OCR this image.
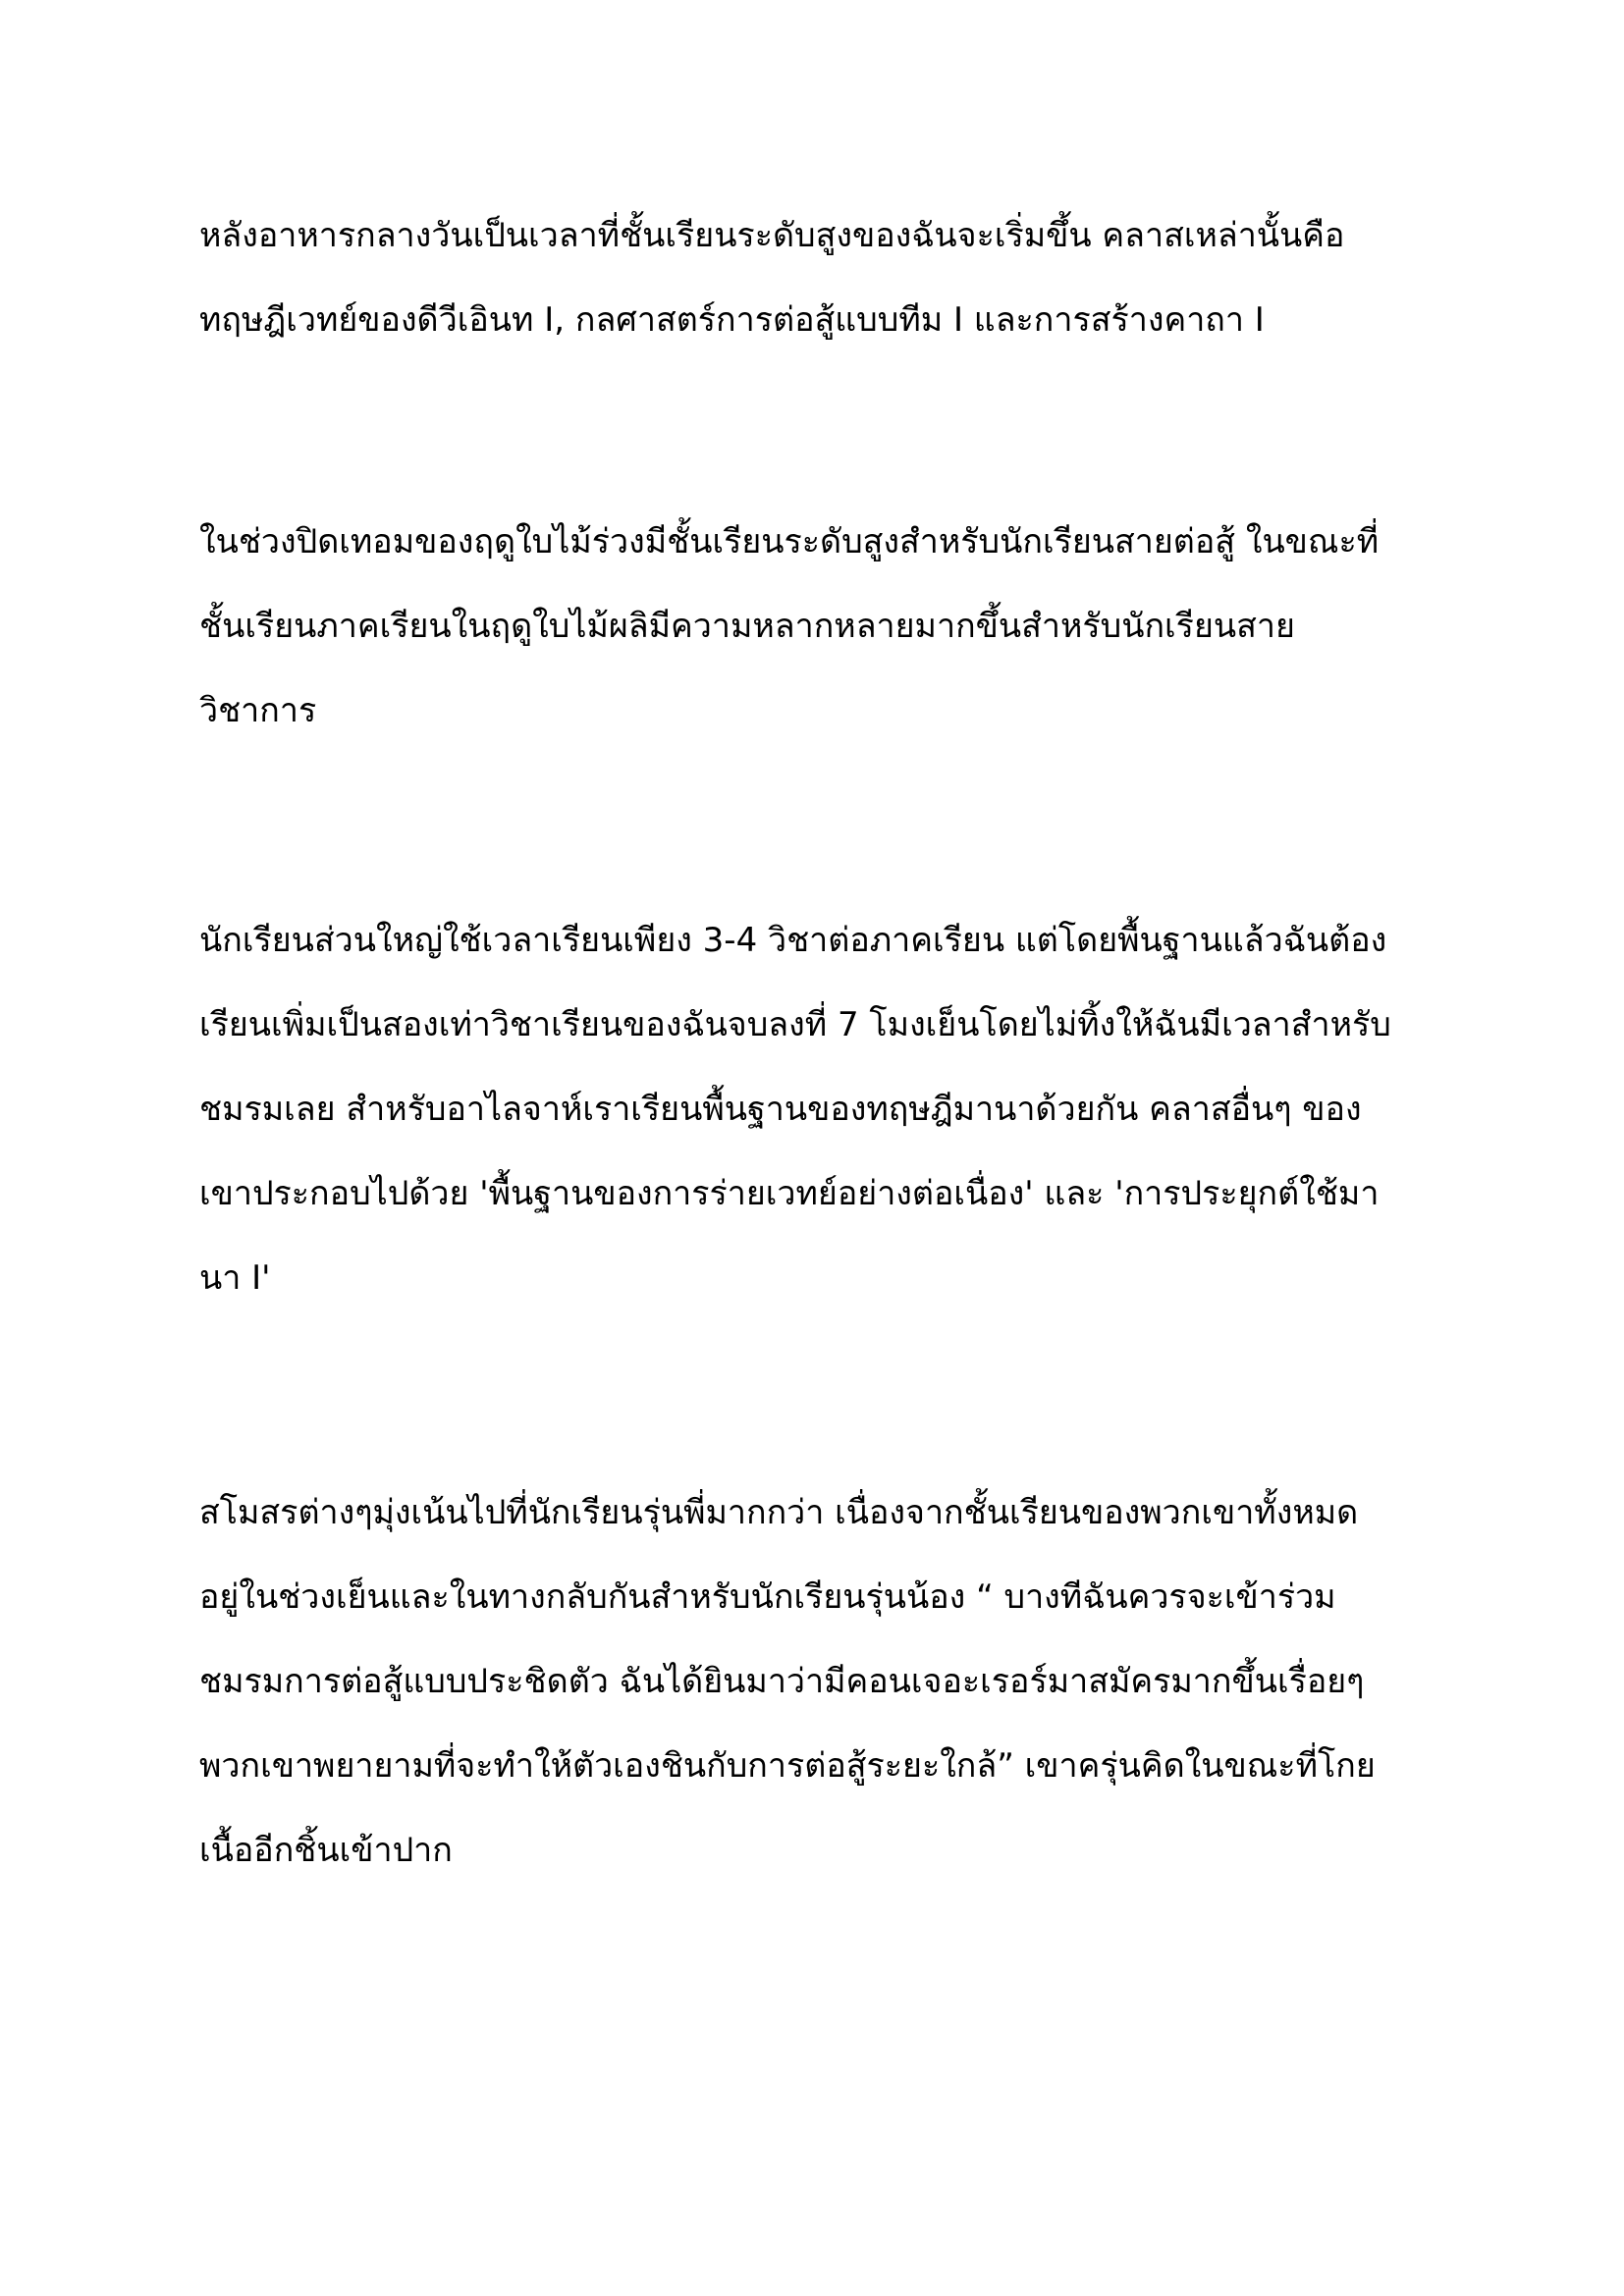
หลังอาหารกลางวันเป็นเวลาที่ชั้นเรียนระดับสูงของฉันจะเริ่มขึ้น คลาสเหล่านั้นคือ
ทฤษฎีเวทย์ของดีวีเอินท I, กลศาสตร์การต่อสู้แบบทีม I และการสร้างคาถา I
ในช่วงปิดเทอมของฤดูใบไม้ร่วงมีชั้นเรียนระดับสูงสำหรับนักเรียนสายต่อสู้ ในขณะที่
ชั้นเรียนภาคเรียนในฤดูใบไม้ผลิมีความหลากหลายมากขึ้นสำหรับนักเรียนสาย
วิชาการ
นักเรียนส่วนใหญ่ใช้เวลาเรียนเพียง 3-4 วิชาต่อภาคเรียน แต่โดยพื้นฐานแล้วฉันต้อง
เรียนเพิ่มเป็นสองเท่าวิชาเรียนของฉันจบลงที่ 7 โมงเย็นโดยไม่ทิ้งให้ฉันมีเวลาสำหรับ
ชมรมเลย สำหรับอาไลจาห์เราเรียนพื้นฐานของทฤษฎีมานาด้วยกัน คลาสอื่นๆ ของ
เขาประกอบไปด้วย 'พื้นฐานของการร่ายเวทย์อย่างต่อเนื่อง' และ 'การประยุกต์ใช้มา
นา I'
สโมสรต่างๆมุ่งเน้นไปที่นักเรียนรุ่นพี่มากกว่า เนื่องจากชั้นเรียนของพวกเขาทั้งหมด
อยู่ในช่วงเย็นและในทางกลับกันสำหรับนักเรียนรุ่นน้อง “ บางทีฉันควรจะเข้าร่วม
ชมรมการต่อสู้แบบประชิดตัว ฉันได้ยินมาว่ามีคอนเจอะเรอร์มาสมัครมากขึ้นเรื่อยๆ
พวกเขาพยายามที่จะทำให้ตัวเองชินกับการต่อสู้ระยะใกล้” เขาครุ่นคิดในขณะที่โกย
เนื้ออีกชิ้นเข้าปาก
